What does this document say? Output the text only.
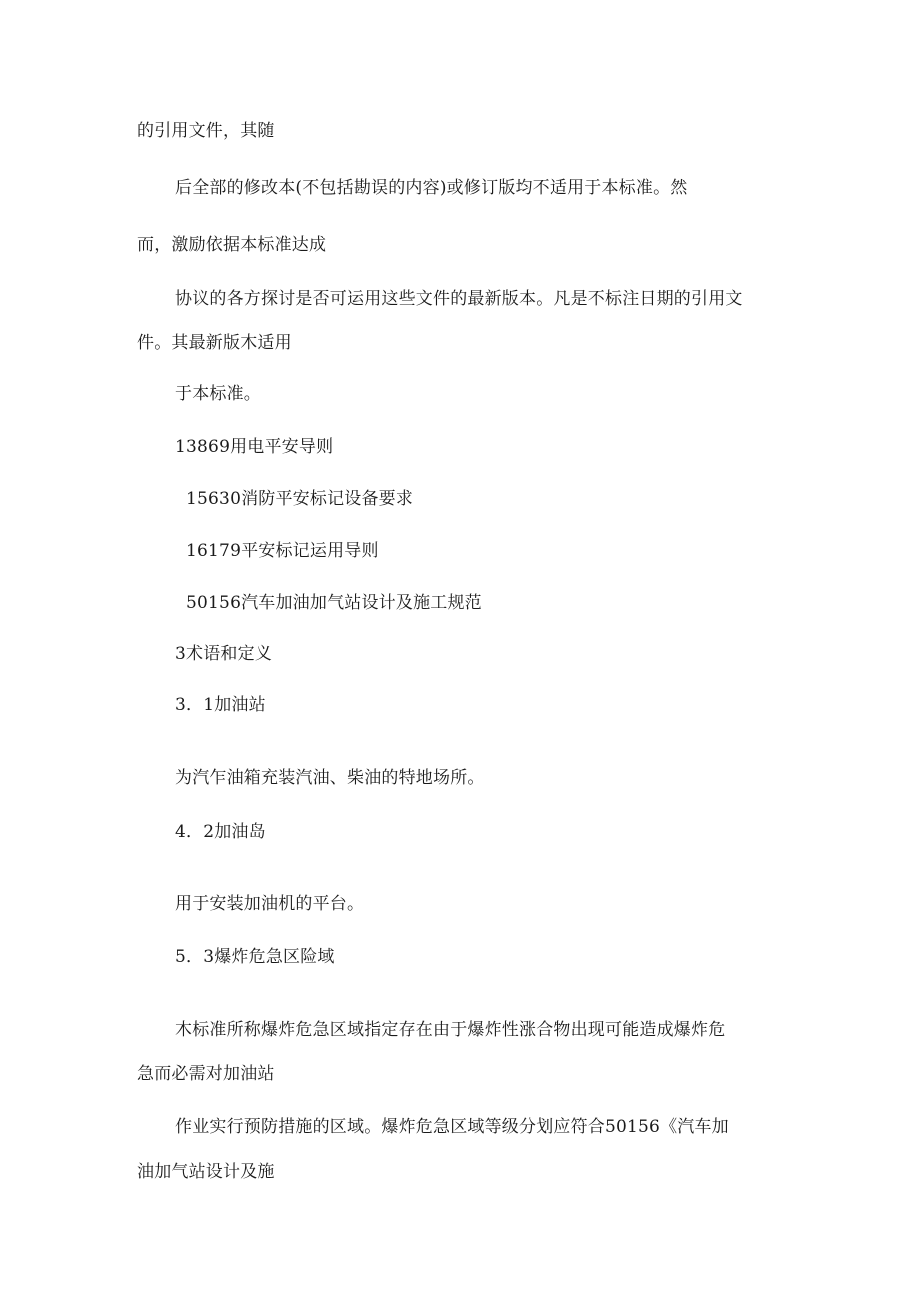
的引用文件，其随
后全部的修改本(不包括勘误的内容)或修订版均不适用于本标准。然
而，激励依据本标准达成
协议的各方探讨是否可运用这些文件的最新版本。凡是不标注日期的引用文
件。其最新版木适用
于本标准。
13869用电平安导则
15630消防平安标记设备要求
16179平安标记运用导则
50156汽车加油加气站设计及施工规范
3术语和定义
3．1加油站
为汽乍油箱充装汽油、柴油的特地场所。
4．2加油岛
用于安装加油机的平台。
5．3爆炸危急区险域
木标准所称爆炸危急区域指定存在由于爆炸性涨合物出现可能造成爆炸危
急而必需对加油站
作业实行预防措施的区域。爆炸危急区域等级分划应符合50156《汽车加
油加气站设计及施
